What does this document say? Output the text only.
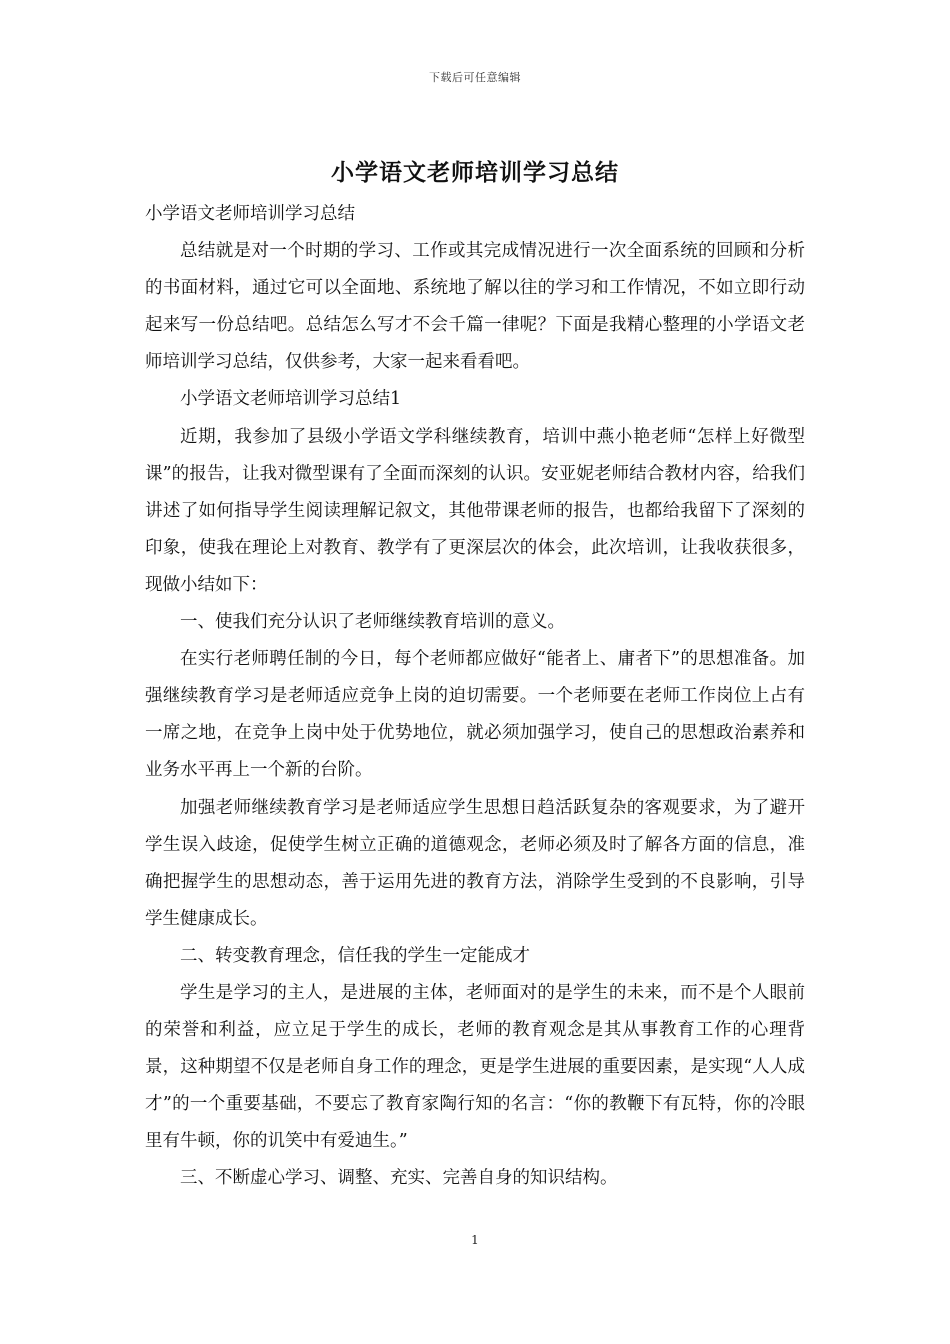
下载后可任意编辑
小学语文老师培训学习总结

小学语文老师培训学习总结

总结就是对一个时期的学习、工作或其完成情况进行一次全面系统的回顾和分析的书面材料，通过它可以全面地、系统地了解以往的学习和工作情况，不如立即行动起来写一份总结吧。总结怎么写才不会千篇一律呢？下面是我精心整理的小学语文老师培训学习总结，仅供参考，大家一起来看看吧。

小学语文老师培训学习总结1

近期，我参加了县级小学语文学科继续教育，培训中燕小艳老师“怎样上好微型课”的报告，让我对微型课有了全面而深刻的认识。安亚妮老师结合教材内容，给我们讲述了如何指导学生阅读理解记叙文，其他带课老师的报告，也都给我留下了深刻的印象，使我在理论上对教育、教学有了更深层次的体会，此次培训，让我收获很多，现做小结如下：

一、使我们充分认识了老师继续教育培训的意义。

在实行老师聘任制的今日，每个老师都应做好“能者上、庸者下”的思想准备。加强继续教育学习是老师适应竞争上岗的迫切需要。一个老师要在老师工作岗位上占有一席之地，在竞争上岗中处于优势地位，就必须加强学习，使自己的思想政治素养和业务水平再上一个新的台阶。

加强老师继续教育学习是老师适应学生思想日趋活跃复杂的客观要求，为了避开学生误入歧途，促使学生树立正确的道德观念，老师必须及时了解各方面的信息，准确把握学生的思想动态，善于运用先进的教育方法，消除学生受到的不良影响，引导学生健康成长。

二、转变教育理念，信任我的学生一定能成才

学生是学习的主人，是进展的主体，老师面对的是学生的未来，而不是个人眼前的荣誉和利益，应立足于学生的成长，老师的教育观念是其从事教育工作的心理背景，这种期望不仅是老师自身工作的理念，更是学生进展的重要因素，是实现“人人成才”的一个重要基础，不要忘了教育家陶行知的名言：“你的教鞭下有瓦特，你的冷眼里有牛顿，你的讥笑中有爱迪生。”

三、不断虚心学习、调整、充实、完善自身的知识结构。

1
